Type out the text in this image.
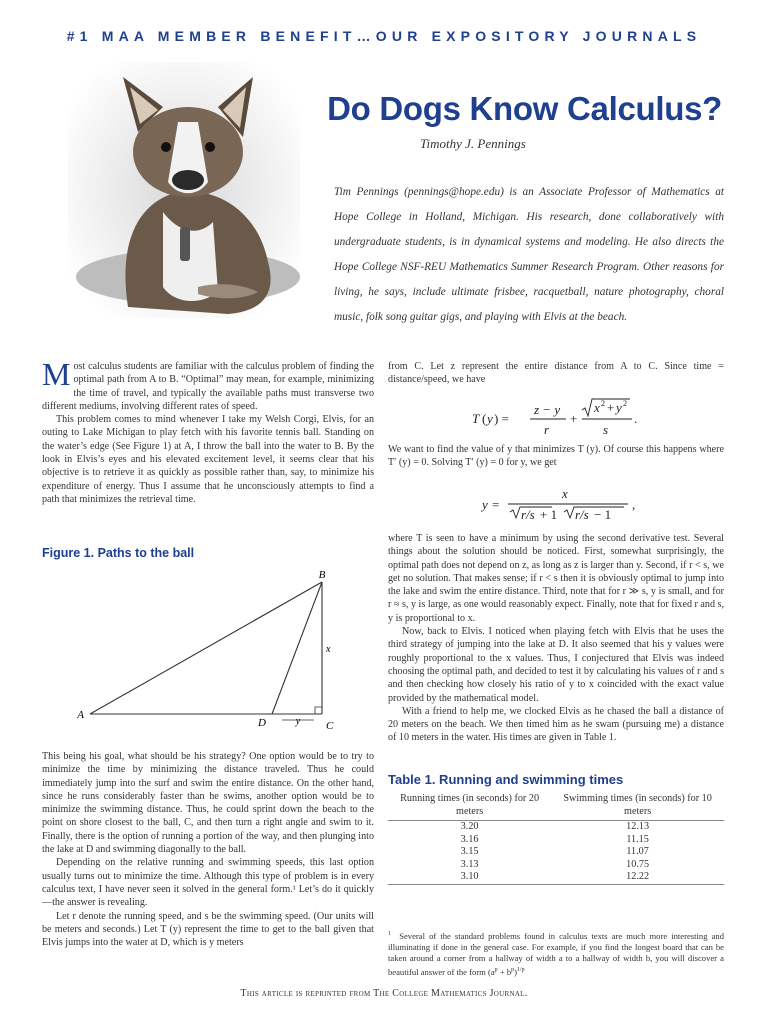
#1 MAA MEMBER BENEFIT…OUR EXPOSITORY JOURNALS
Do Dogs Know Calculus?
Timothy J. Pennings
Tim Pennings (pennings@hope.edu) is an Associate Professor of Mathematics at Hope College in Holland, Michigan. His research, done collaboratively with undergraduate students, is in dynamical systems and modeling. He also directs the Hope College NSF-REU Mathematics Summer Research Program. Other reasons for living, he says, include ultimate frisbee, racquetball, nature photography, choral music, folk song guitar gigs, and playing with Elvis at the beach.

Most calculus students are familiar with the calculus problem of finding the optimal path from A to B. “Optimal” may mean, for example, minimizing the time of travel, and typically the available paths must transverse two different mediums, involving different rates of speed.

This problem comes to mind whenever I take my Welsh Corgi, Elvis, for an outing to Lake Michigan to play fetch with his favorite tennis ball. Standing on the water’s edge (See Figure 1) at A, I throw the ball into the water to B. By the look in Elvis’s eyes and his elevated excitement level, it seems clear that his objective is to retrieve it as quickly as possible rather than, say, to minimize his expenditure of energy. Thus I assume that he unconsciously attempts to find a path that minimizes the retrieval time.

Figure 1. Paths to the ball
A
B
C
D
x
y

This being his goal, what should be his strategy? One option would be to try to minimize the time by minimizing the distance traveled. Thus he could immediately jump into the surf and swim the entire distance. On the other hand, since he runs considerably faster than he swims, another option would be to minimize the swimming distance. Thus, he could sprint down the beach to the point on shore closest to the ball, C, and then turn a right angle and swim to it. Finally, there is the option of running a portion of the way, and then plunging into the lake at D and swimming diagonally to the ball.

Depending on the relative running and swimming speeds, this last option usually turns out to minimize the time. Although this type of problem is in every calculus text, I have never seen it solved in the general form.¹ Let’s do it quickly—the answer is revealing.

Let r denote the running speed, and s be the swimming speed. (Our units will be meters and seconds.) Let T (y) represent the time to get to the ball given that Elvis jumps into the water at D, which is y meters

from C. Let z represent the entire distance from A to C. Since time = distance/speed, we have

T ( y ) =
z − y
r
+
x 2 + y 2
s
.

We want to find the value of y that minimizes T (y). Of course this happens where T′ (y) = 0. Solving T′ (y) = 0 for y, we get

y =
x
r/s + 1 r/s − 1
,

where T is seen to have a minimum by using the second derivative test. Several things about the solution should be noticed. First, somewhat surprisingly, the optimal path does not depend on z, as long as z is larger than y. Second, if r < s, we get no solution. That makes sense; if r < s then it is obviously optimal to jump into the lake and swim the entire distance. Third, note that for r ≫ s, y is small, and for r ≈ s, y is large, as one would reasonably expect. Finally, note that for fixed r and s, y is proportional to x.

Now, back to Elvis. I noticed when playing fetch with Elvis that he uses the third strategy of jumping into the lake at D. It also seemed that his y values were roughly proportional to the x values. Thus, I conjectured that Elvis was indeed choosing the optimal path, and decided to test it by calculating his values of r and s and then checking how closely his ratio of y to x coincided with the exact value provided by the mathematical model.

With a friend to help me, we clocked Elvis as he chased the ball a distance of 20 meters on the beach. We then timed him as he swam (pursuing me) a distance of 10 meters in the water. His times are given in Table 1.

Table 1. Running and swimming times
Running times (in seconds) for 20 meters	Swimming times (in seconds) for 10 meters
3.20	12.13
3.16	11.15
3.15	11.07
3.13	10.75
3.10	12.22
$^1$ Several of the standard problems found in calculus texts are much more interesting and illuminating if done in the general case. For example, if you find the longest board that can be taken around a corner from a hallway of width a to a hallway of width b, you will discover a beautiful answer of the form $(a^p + b^p)^{1/p}$
This article is reprinted from The College Mathematics Journal.
